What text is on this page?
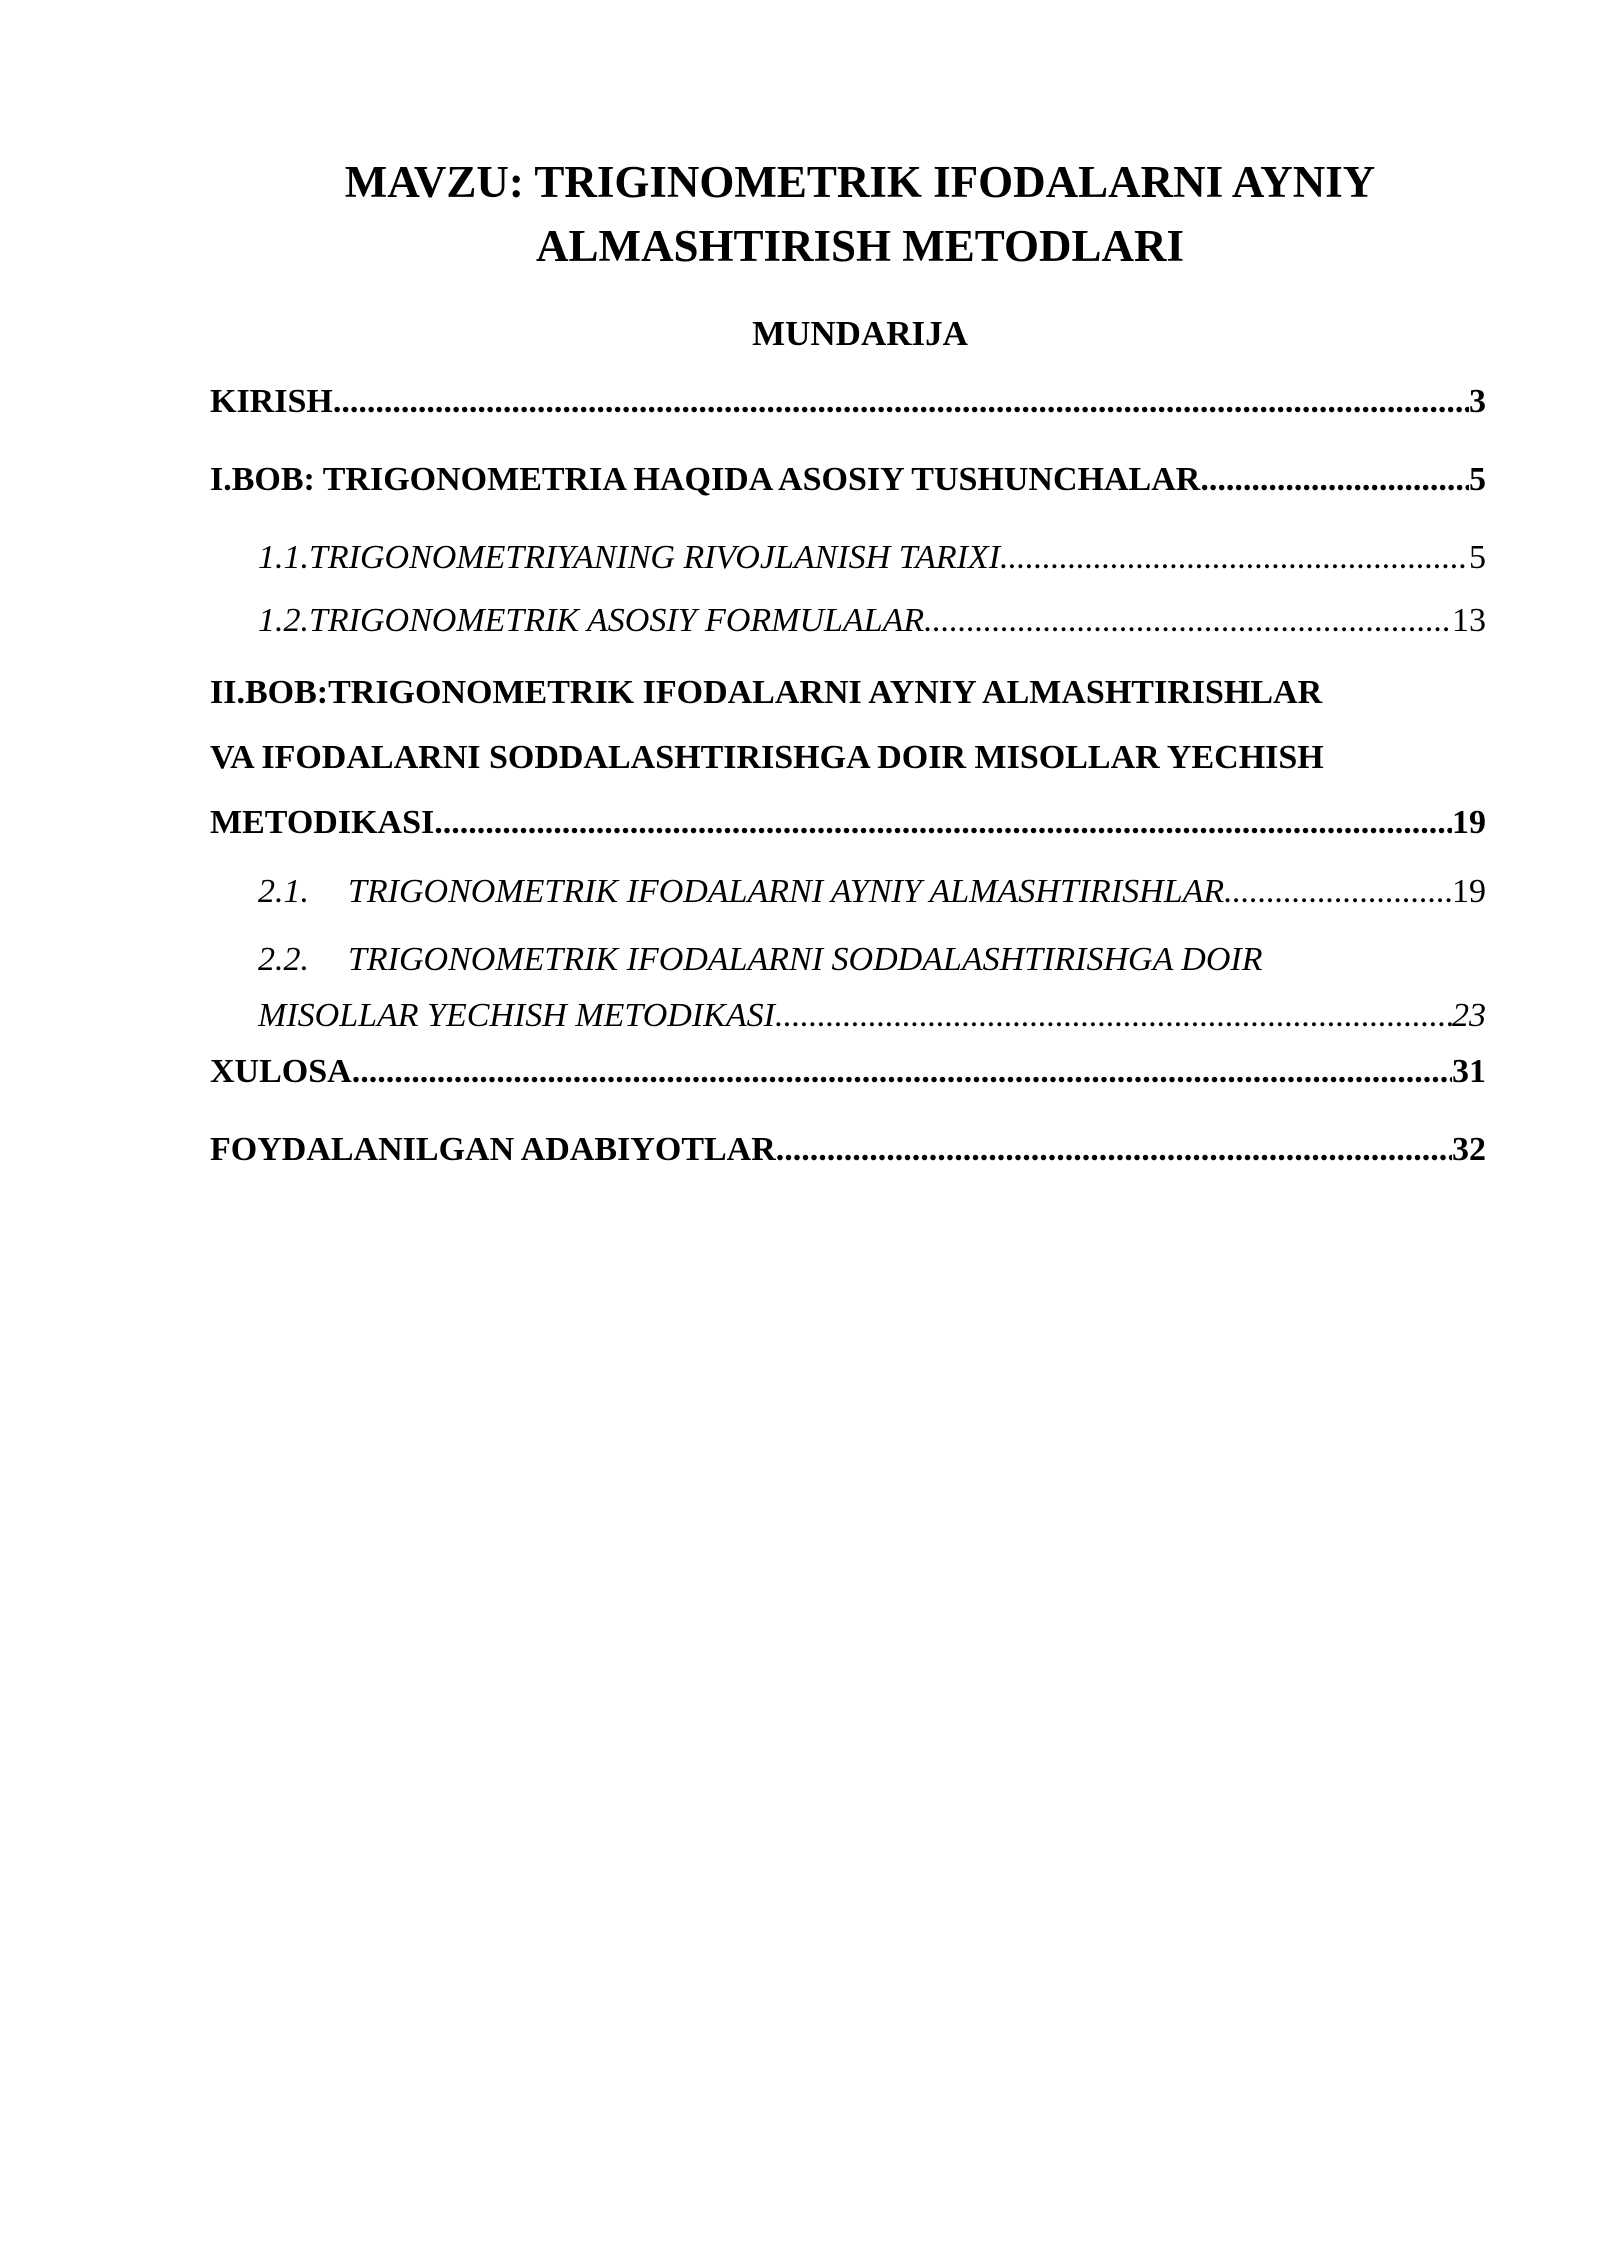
MAVZU: TRIGINOMETRIK IFODALARNI AYNIY
ALMASHTIRISH METODLARI
MUNDARIJA
KIRISH .....	3
I.BOB: TRIGONOMETRIA HAQIDA ASOSIY TUSHUNCHALAR .....	5
1.1.TRIGONOMETRIYANING RIVOJLANISH TARIXI .....	5
1.2.TRIGONOMETRIK ASOSIY FORMULALAR .....	13
II.BOB:TRIGONOMETRIK IFODALARNI AYNIY ALMASHTIRISHLAR
VA IFODALARNI SODDALASHTIRISHGA DOIR MISOLLAR YECHISH
METODIKASI .....	19
2.1. TRIGONOMETRIK IFODALARNI AYNIY ALMASHTIRISHLAR .....	19
2.2. TRIGONOMETRIK IFODALARNI SODDALASHTIRISHGA DOIR
MISOLLAR YECHISH METODIKASI .....	23
XULOSA .....	31
FOYDALANILGAN ADABIYOTLAR .....	32
